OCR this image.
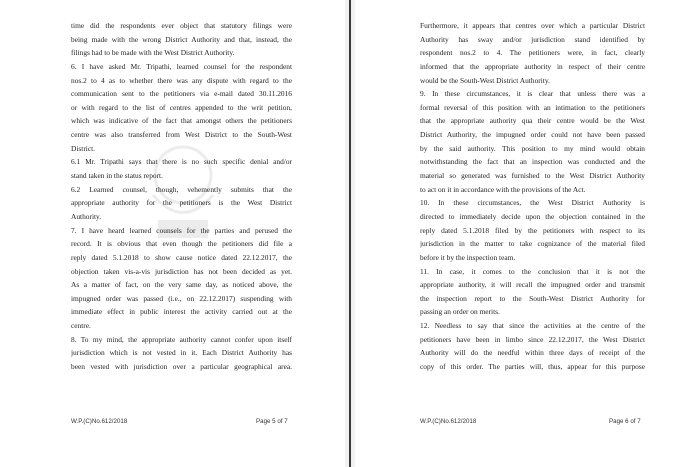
time did the respondents ever object that statutory filings were
being made with the wrong District Authority and that, instead, the
filings had to be made with the West District Authority.
6. I have asked Mr. Tripathi, learned counsel for the respondent
nos.2 to 4 as to whether there was any dispute with regard to the
communication sent to the petitioners via e-mail dated 30.11.2016
or with regard to the list of centres appended to the writ petition,
which was indicative of the fact that amongst others the petitioners
centre was also transferred from West District to the South-West
District.
6.1 Mr. Tripathi says that there is no such specific denial and/or
stand taken in the status report.
6.2 Learned counsel, though, vehemently submits that the
appropriate authority for the petitioners is the West District
Authority.
7. I have heard learned counsels for the parties and perused the
record. It is obvious that even though the petitioners did file a
reply dated 5.1.2018 to show cause notice dated 22.12.2017, the
objection taken vis-a-vis jurisdiction has not been decided as yet.
As a matter of fact, on the very same day, as noticed above, the
impugned order was passed (i.e., on 22.12.2017) suspending with
immediate effect in public interest the activity carried out at the
centre.
8. To my mind, the appropriate authority cannot confer upon itself
jurisdiction which is not vested in it. Each District Authority has
been vested with jurisdiction over a particular geographical area.
W.P.(C)No.612/2018	Page 5 of 7
Furthermore, it appears that centres over which a particular District
Authority has sway and/or jurisdiction stand identified by
respondent nos.2 to 4. The petitioners were, in fact, clearly
informed that the appropriate authority in respect of their centre
would be the South-West District Authority.
9. In these circumstances, it is clear that unless there was a
formal reversal of this position with an intimation to the petitioners
that the appropriate authority qua their centre would be the West
District Authority, the impugned order could not have been passed
by the said authority. This position to my mind would obtain
notwithstanding the fact that an inspection was conducted and the
material so generated was furnished to the West District Authority
to act on it in accordance with the provisions of the Act.
10. In these circumstances, the West District Authority is
directed to immediately decide upon the objection contained in the
reply dated 5.1.2018 filed by the petitioners with respect to its
jurisdiction in the matter to take cognizance of the material filed
before it by the inspection team.
11. In case, it comes to the conclusion that it is not the
appropriate authority, it will recall the impugned order and transmit
the inspection report to the South-West District Authority for
passing an order on merits.
12. Needless to say that since the activities at the centre of the
petitioners have been in limbo since 22.12.2017, the West District
Authority will do the needful within three days of receipt of the
copy of this order. The parties will, thus, appear for this purpose
W.P.(C)No.612/2018	Page 6 of 7
